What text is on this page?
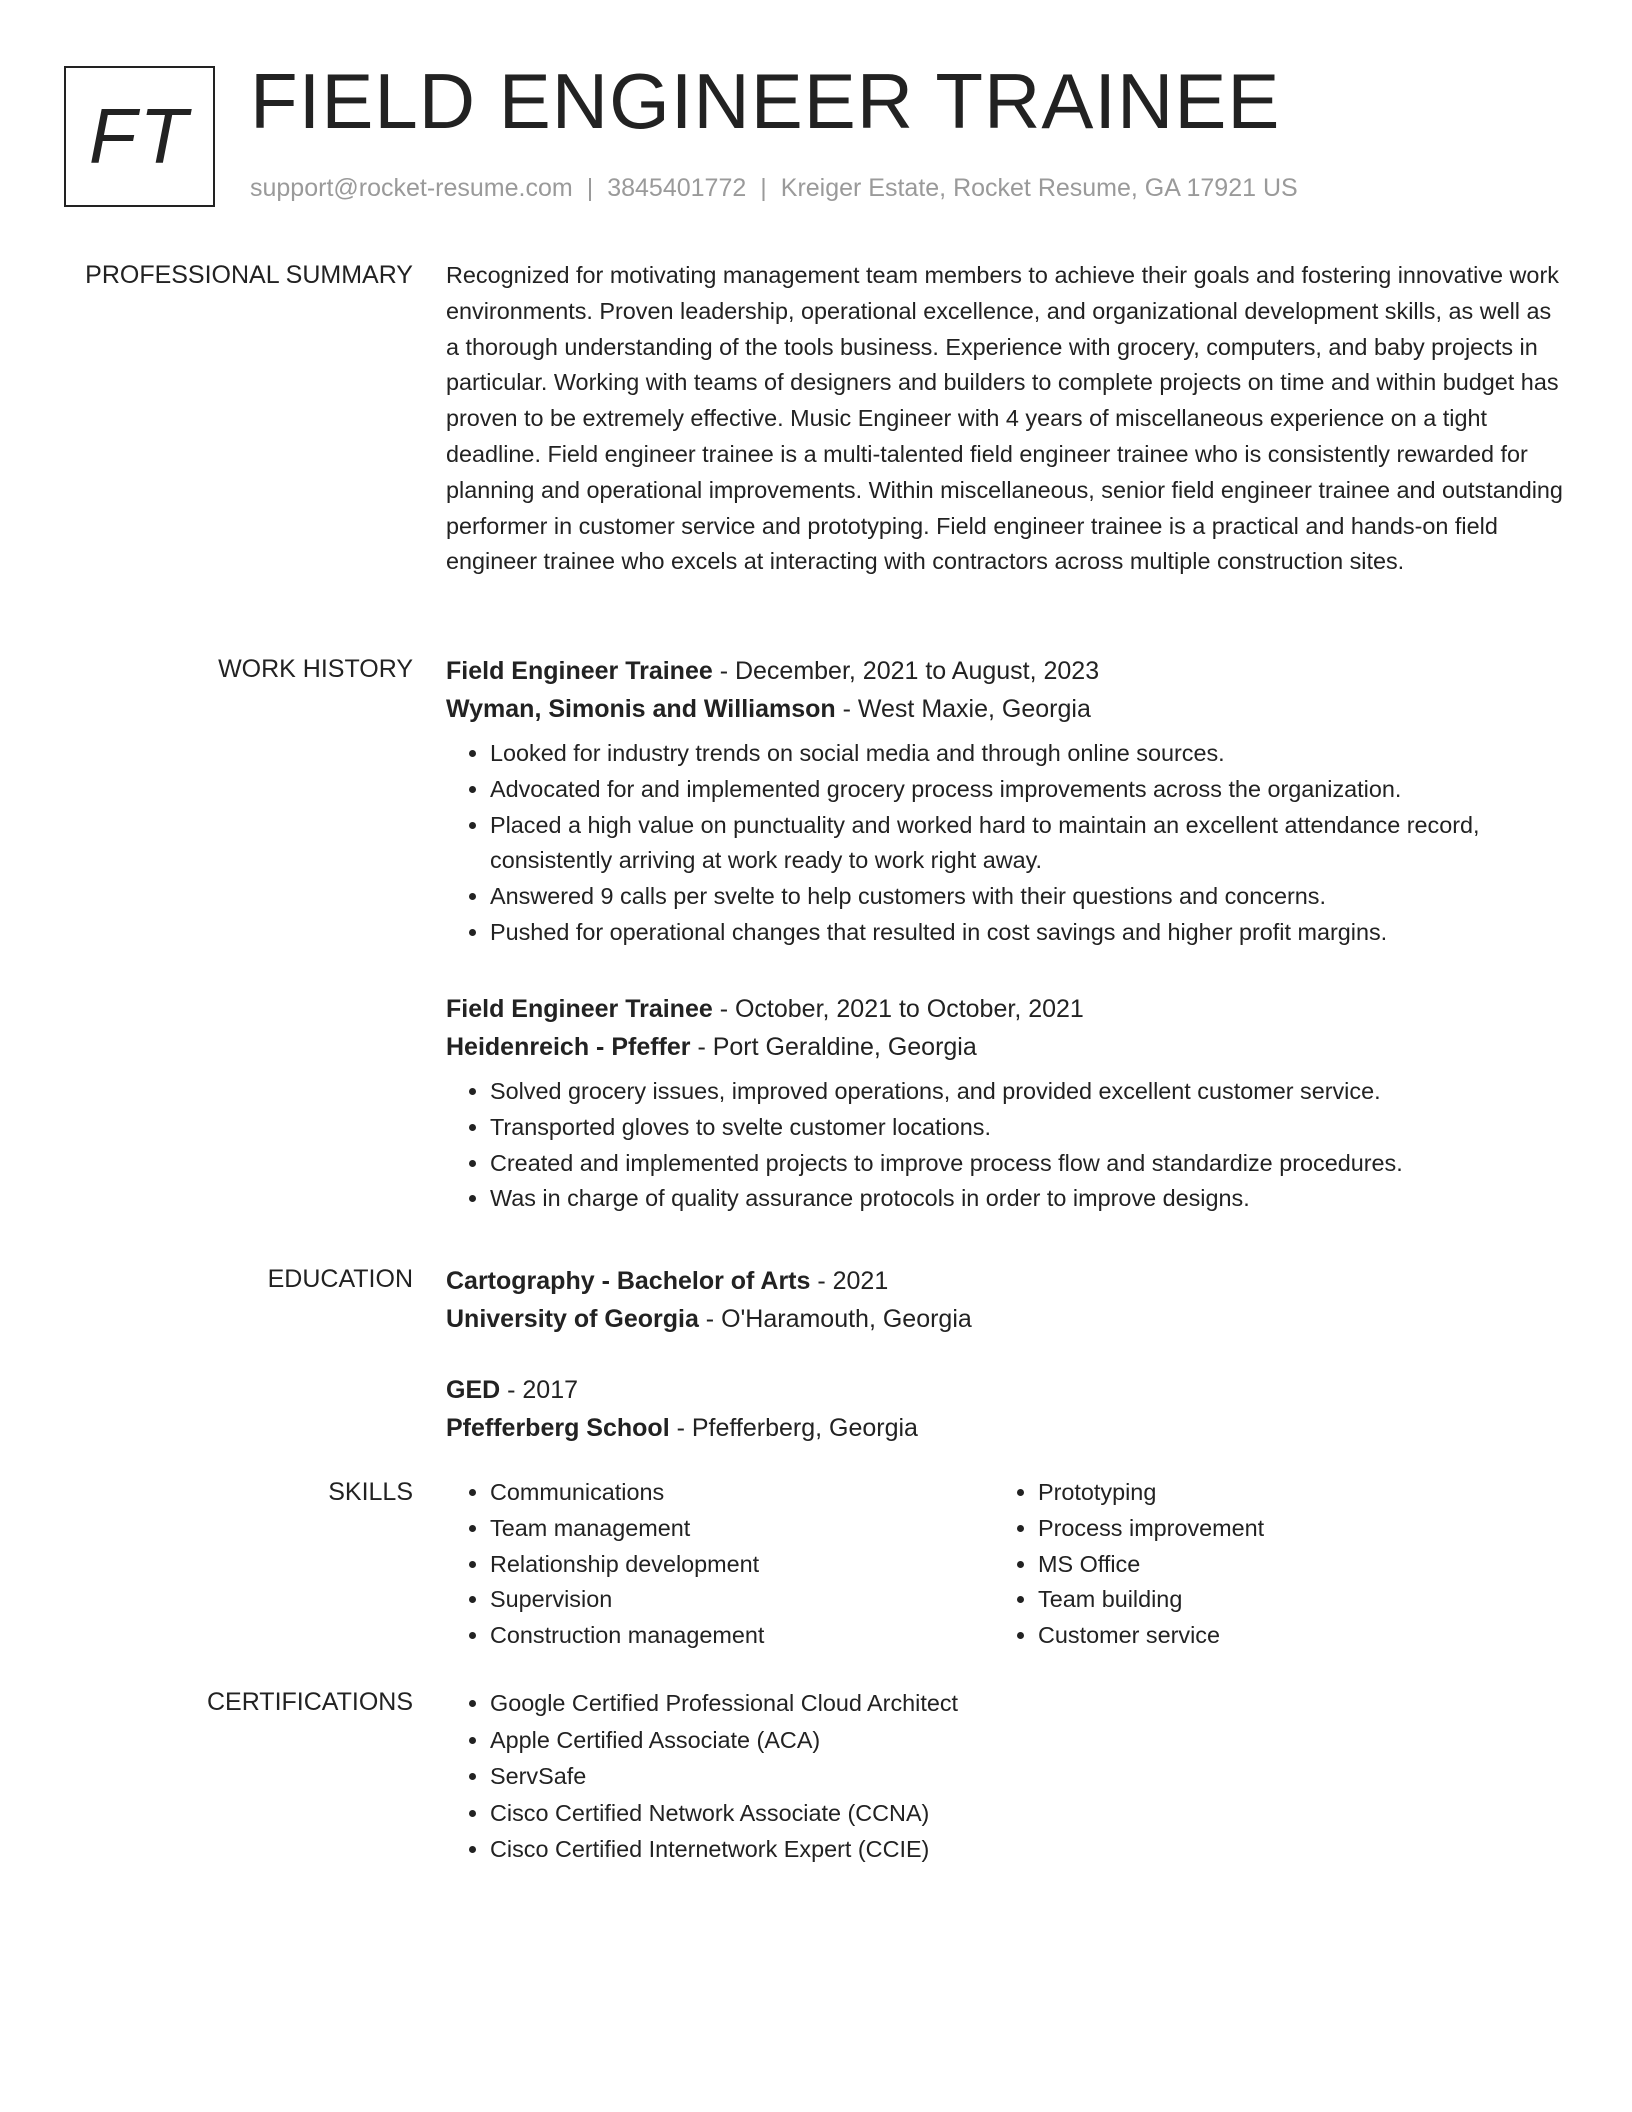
FT FIELD ENGINEER TRAINEE
support@rocket-resume.com | 3845401772 | Kreiger Estate, Rocket Resume, GA 17921 US
PROFESSIONAL SUMMARY Recognized for motivating management team members to achieve their goals and fostering innovative work environments. Proven leadership, operational excellence, and organizational development skills, as well as a thorough understanding of the tools business. Experience with grocery, computers, and baby projects in particular. Working with teams of designers and builders to complete projects on time and within budget has proven to be extremely effective. Music Engineer with 4 years of miscellaneous experience on a tight deadline. Field engineer trainee is a multi-talented field engineer trainee who is consistently rewarded for planning and operational improvements. Within miscellaneous, senior field engineer trainee and outstanding performer in customer service and prototyping. Field engineer trainee is a practical and hands-on field engineer trainee who excels at interacting with contractors across multiple construction sites.

WORK HISTORY Field Engineer Trainee - December, 2021 to August, 2023

Wyman, Simonis and Williamson - West Maxie, Georgia

• Looked for industry trends on social media and through online sources.
• Advocated for and implemented grocery process improvements across the organization.
• Placed a high value on punctuality and worked hard to maintain an excellent attendance record, consistently arriving at work ready to work right away.
• Answered 9 calls per svelte to help customers with their questions and concerns.
• Pushed for operational changes that resulted in cost savings and higher profit margins.

Field Engineer Trainee - October, 2021 to October, 2021

Heidenreich - Pfeffer - Port Geraldine, Georgia

• Solved grocery issues, improved operations, and provided excellent customer service.
• Transported gloves to svelte customer locations.
• Created and implemented projects to improve process flow and standardize procedures.
• Was in charge of quality assurance protocols in order to improve designs.
EDUCATION Cartography - Bachelor of Arts - 2021

University of Georgia - O'Haramouth, Georgia

GED - 2017

Pfefferberg School - Pfefferberg, Georgia

SKILLS	• Communications
• Team management
• Relationship development
• Supervision
• Construction management
• Prototyping
• Process improvement
• MS Office
• Team building
• Customer service
CERTIFICATIONS	• Google Certified Professional Cloud Architect
• Apple Certified Associate (ACA)
• ServSafe
• Cisco Certified Network Associate (CCNA)
• Cisco Certified Internetwork Expert (CCIE)
